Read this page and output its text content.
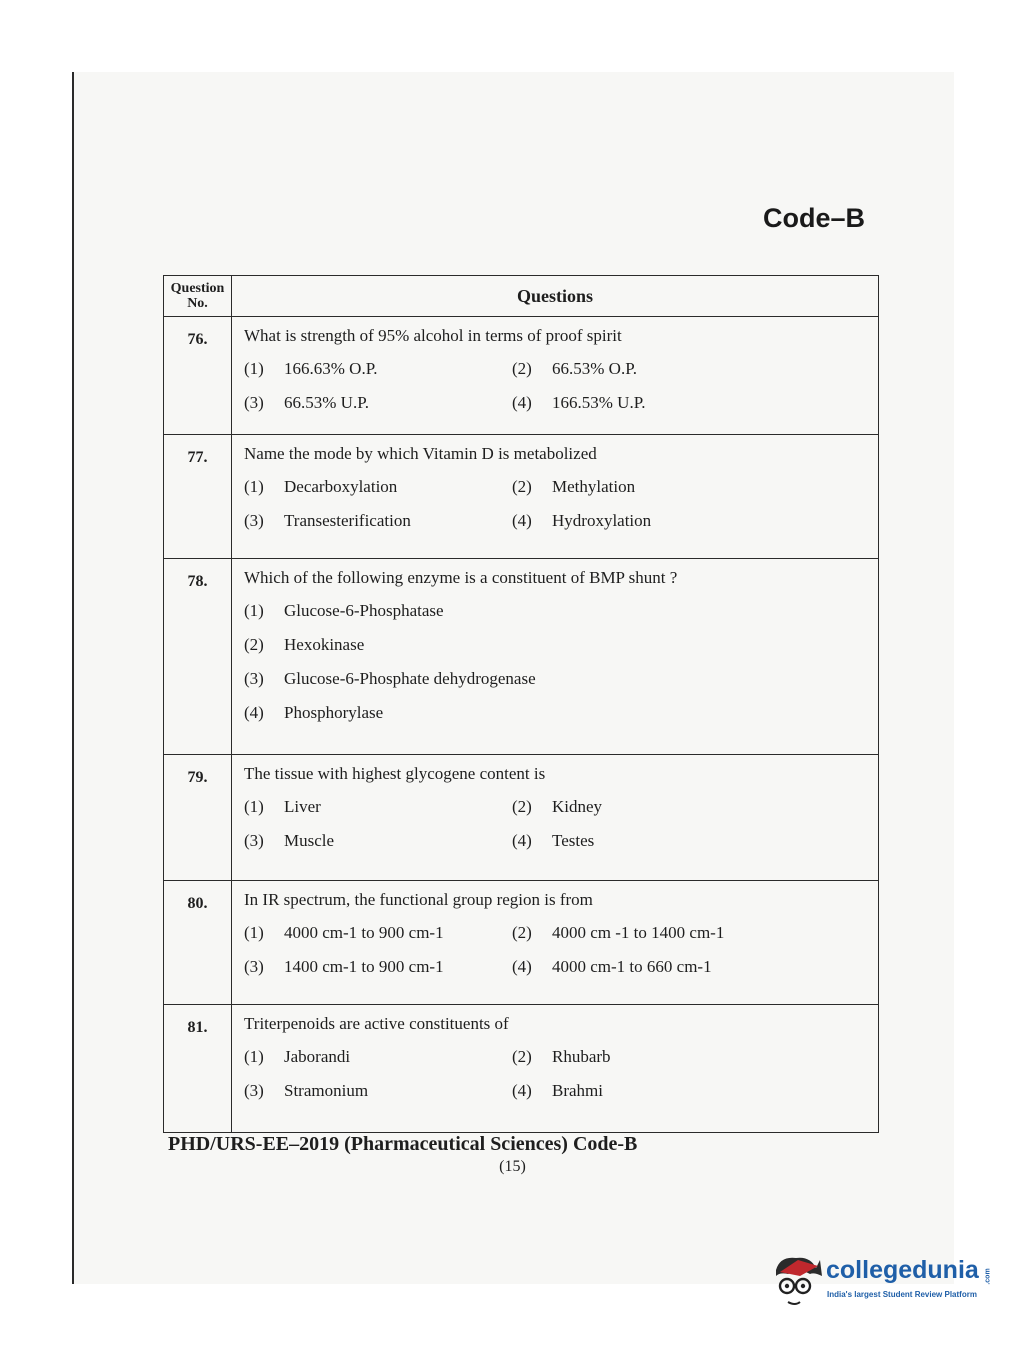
Code–B
Question No.	Questions
76.	What is strength of 95% alcohol in terms of proof spirit
(1) 166.63% O.P. (2) 66.53% O.P.
(3) 66.53% U.P. (4) 166.53% U.P.

77.	Name the mode by which Vitamin D is metabolized
(1) Decarboxylation (2) Methylation
(3) Transesterification (4) Hydroxylation

78.	Which of the following enzyme is a constituent of BMP shunt ?
(1) Glucose-6-Phosphatase
(2) Hexokinase
(3) Glucose-6-Phosphate dehydrogenase
(4) Phosphorylase

79.	The tissue with highest glycogene content is
(1) Liver (2) Kidney
(3) Muscle (4) Testes

80.	In IR spectrum, the functional group region is from
(1) 4000 cm-1 to 900 cm-1 (2) 4000 cm -1 to 1400 cm-1
(3) 1400 cm-1 to 900 cm-1 (4) 4000 cm-1 to 660 cm-1

81.	Triterpenoids are active constituents of
(1) Jaborandi (2) Rhubarb
(3) Stramonium (4) Brahmi
PHD/URS-EE–2019 (Pharmaceutical Sciences) Code-B
(15)
collegedunia .com
India's largest Student Review Platform
